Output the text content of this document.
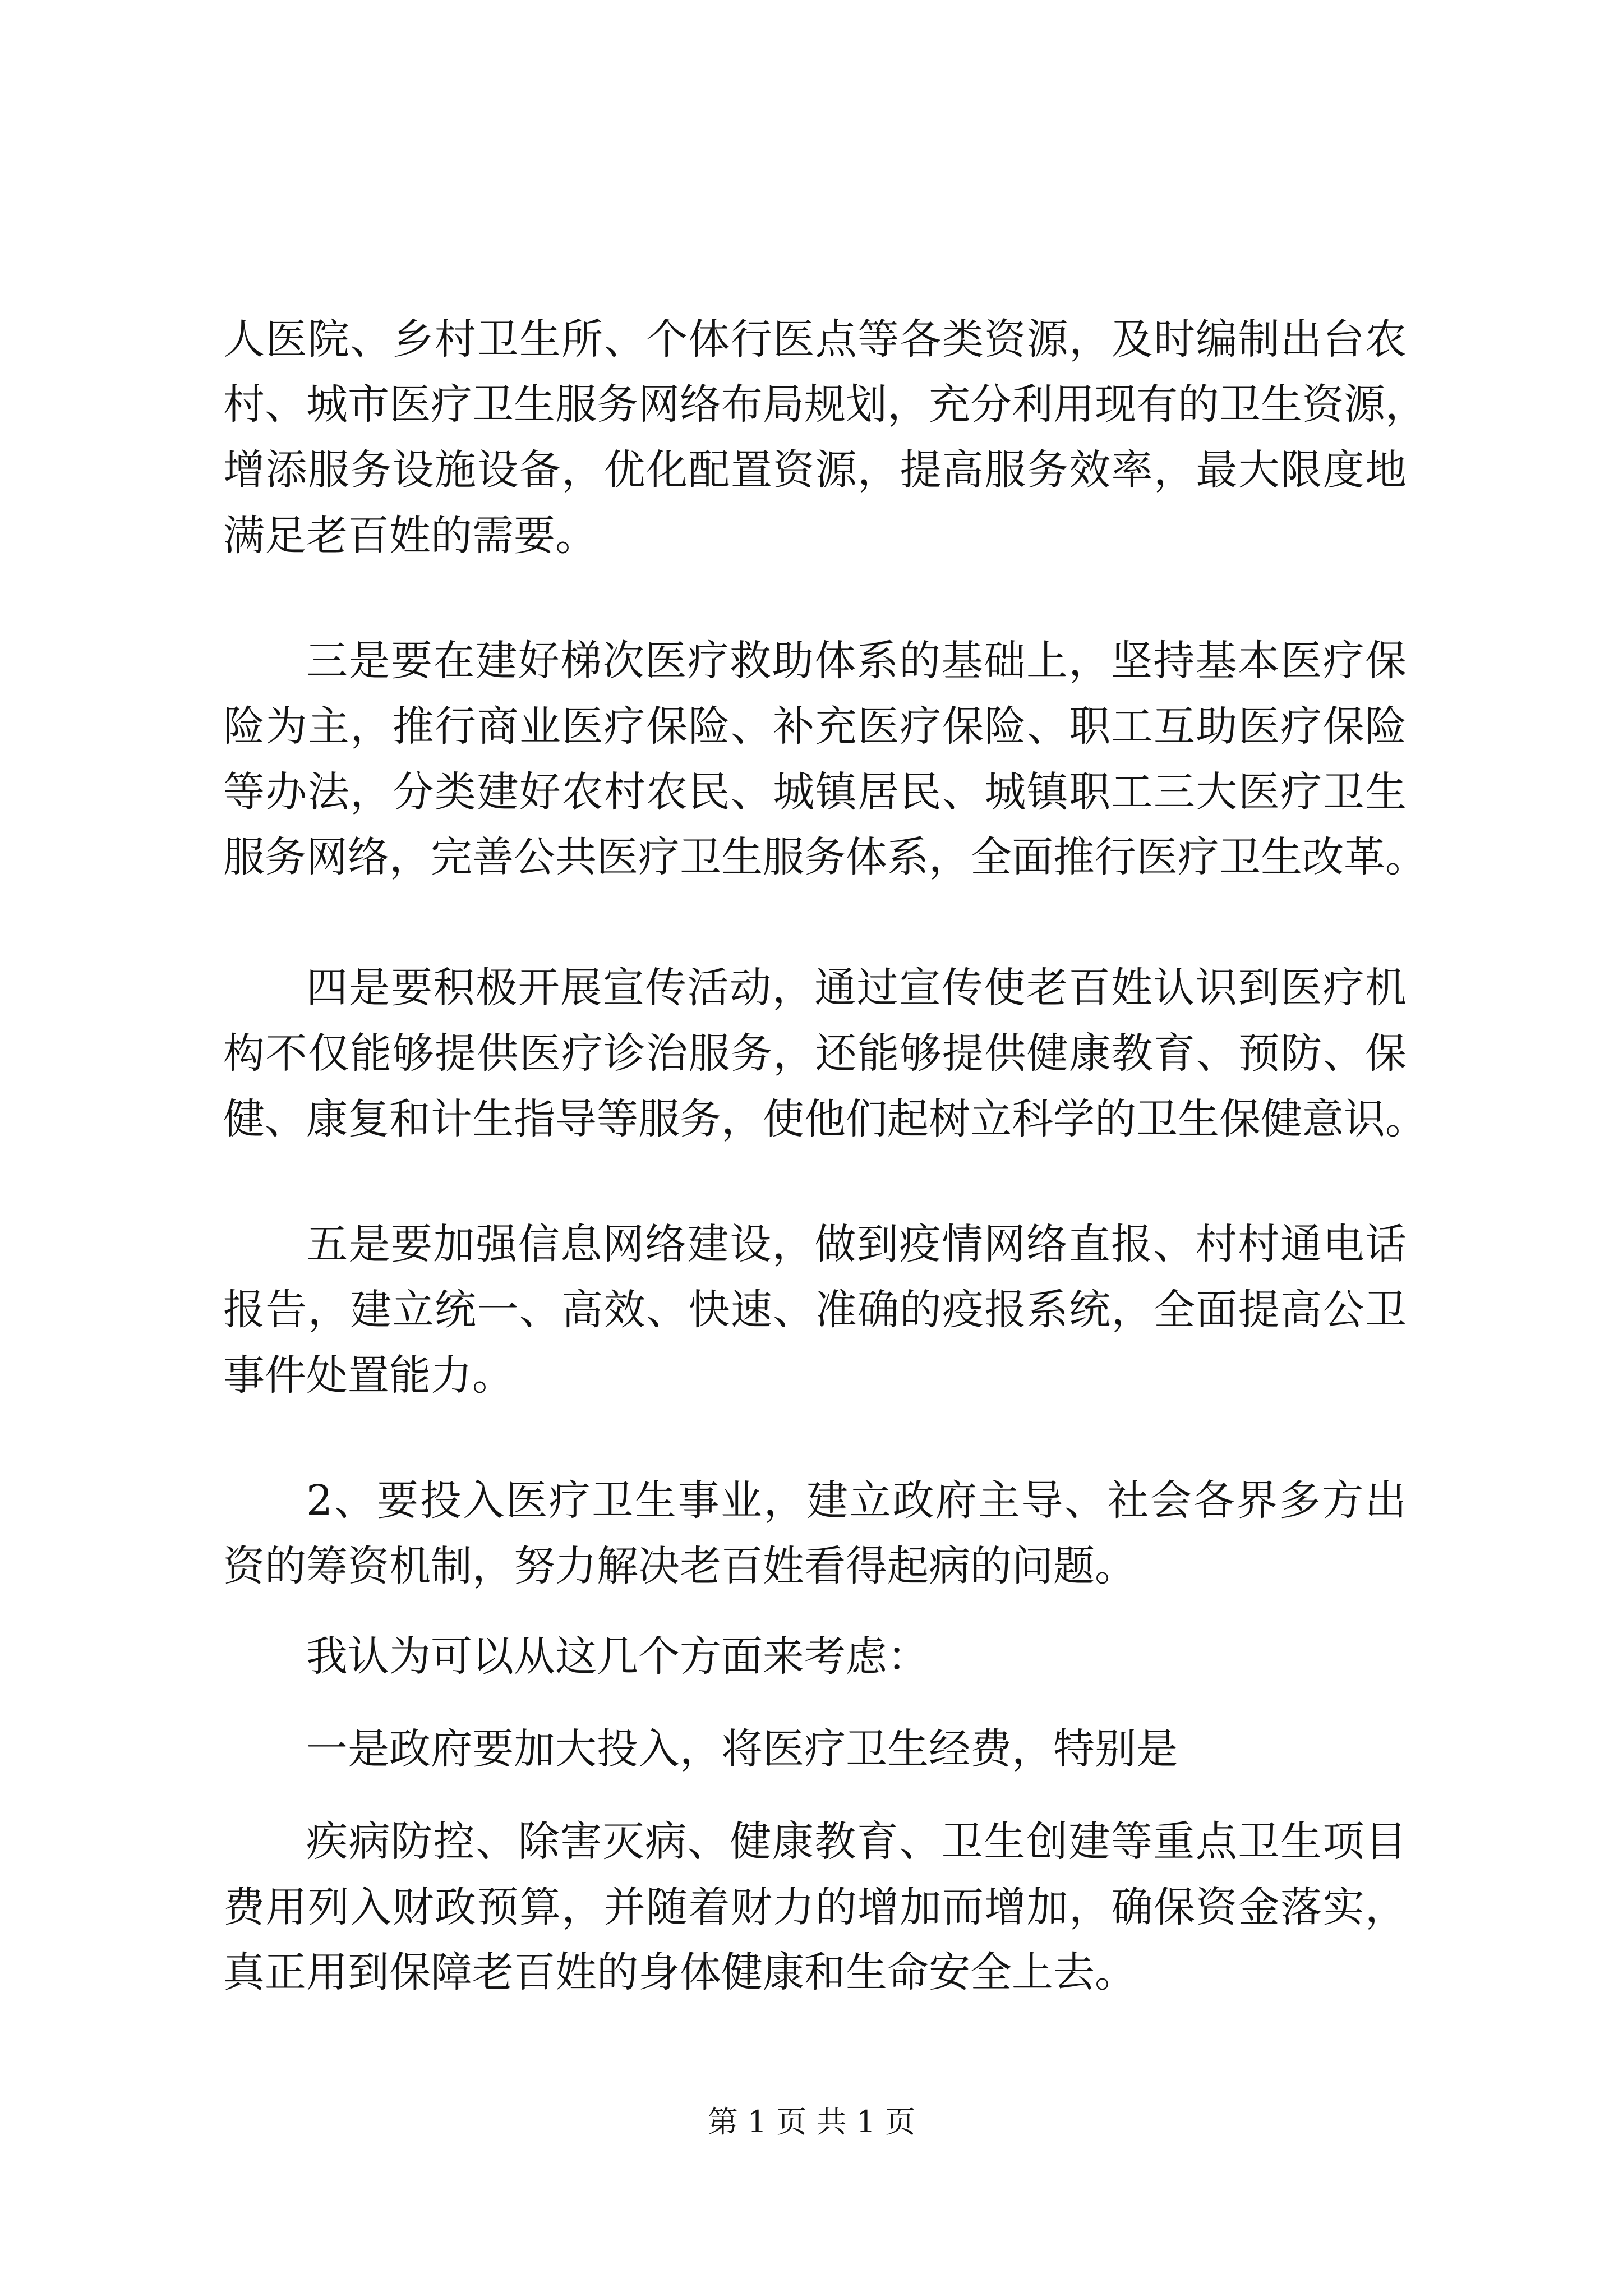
人医院、乡村卫生所、个体行医点等各类资源，及时编制出台农
村、城市医疗卫生服务网络布局规划，充分利用现有的卫生资源，
增添服务设施设备，优化配置资源，提高服务效率，最大限度地
满足老百姓的需要。
三是要在建好梯次医疗救助体系的基础上，坚持基本医疗保
险为主，推行商业医疗保险、补充医疗保险、职工互助医疗保险
等办法，分类建好农村农民、城镇居民、城镇职工三大医疗卫生
服务网络，完善公共医疗卫生服务体系，全面推行医疗卫生改革。
四是要积极开展宣传活动，通过宣传使老百姓认识到医疗机
构不仅能够提供医疗诊治服务，还能够提供健康教育、预防、保
健、康复和计生指导等服务，使他们起树立科学的卫生保健意识。
五是要加强信息网络建设，做到疫情网络直报、村村通电话
报告，建立统一、高效、快速、准确的疫报系统，全面提高公卫
事件处置能力。
2、要投入医疗卫生事业，建立政府主导、社会各界多方出
资的筹资机制，努力解决老百姓看得起病的问题。
我认为可以从这几个方面来考虑：
一是政府要加大投入，将医疗卫生经费，特别是
疾病防控、除害灭病、健康教育、卫生创建等重点卫生项目
费用列入财政预算，并随着财力的增加而增加，确保资金落实，
真正用到保障老百姓的身体健康和生命安全上去。
第 1 页 共 1 页
